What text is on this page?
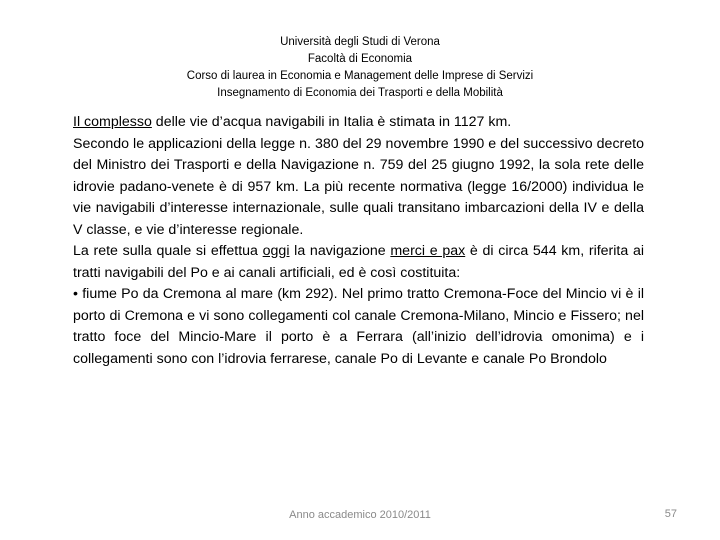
Università degli Studi di Verona
Facoltà di Economia
Corso di laurea in Economia e Management delle Imprese di Servizi
Insegnamento di Economia dei Trasporti e della Mobilità

Il complesso delle vie d’acqua navigabili in Italia è stimata in 1127 km.

Secondo le applicazioni della legge n. 380 del 29 novembre 1990 e del successivo decreto del Ministro dei Trasporti e della Navigazione n. 759 del 25 giugno 1992, la sola rete delle idrovie padano-venete è di 957 km. La più recente normativa (legge 16/2000) individua le vie navigabili d’interesse internazionale, sulle quali transitano imbarcazioni della IV e della V classe, e vie d’interesse regionale.

La rete sulla quale si effettua oggi la navigazione merci e pax è di circa 544 km, riferita ai tratti navigabili del Po e ai canali artificiali, ed è così costituita:

• fiume Po da Cremona al mare (km 292). Nel primo tratto Cremona-Foce del Mincio vi è il porto di Cremona e vi sono collegamenti col canale Cremona-Milano, Mincio e Fissero; nel tratto foce del Mincio-Mare il porto è a Ferrara (all’inizio dell’idrovia omonima) e i collegamenti sono con l’idrovia ferrarese, canale Po di Levante e canale Po Brondolo

Anno accademico 2010/2011	57
